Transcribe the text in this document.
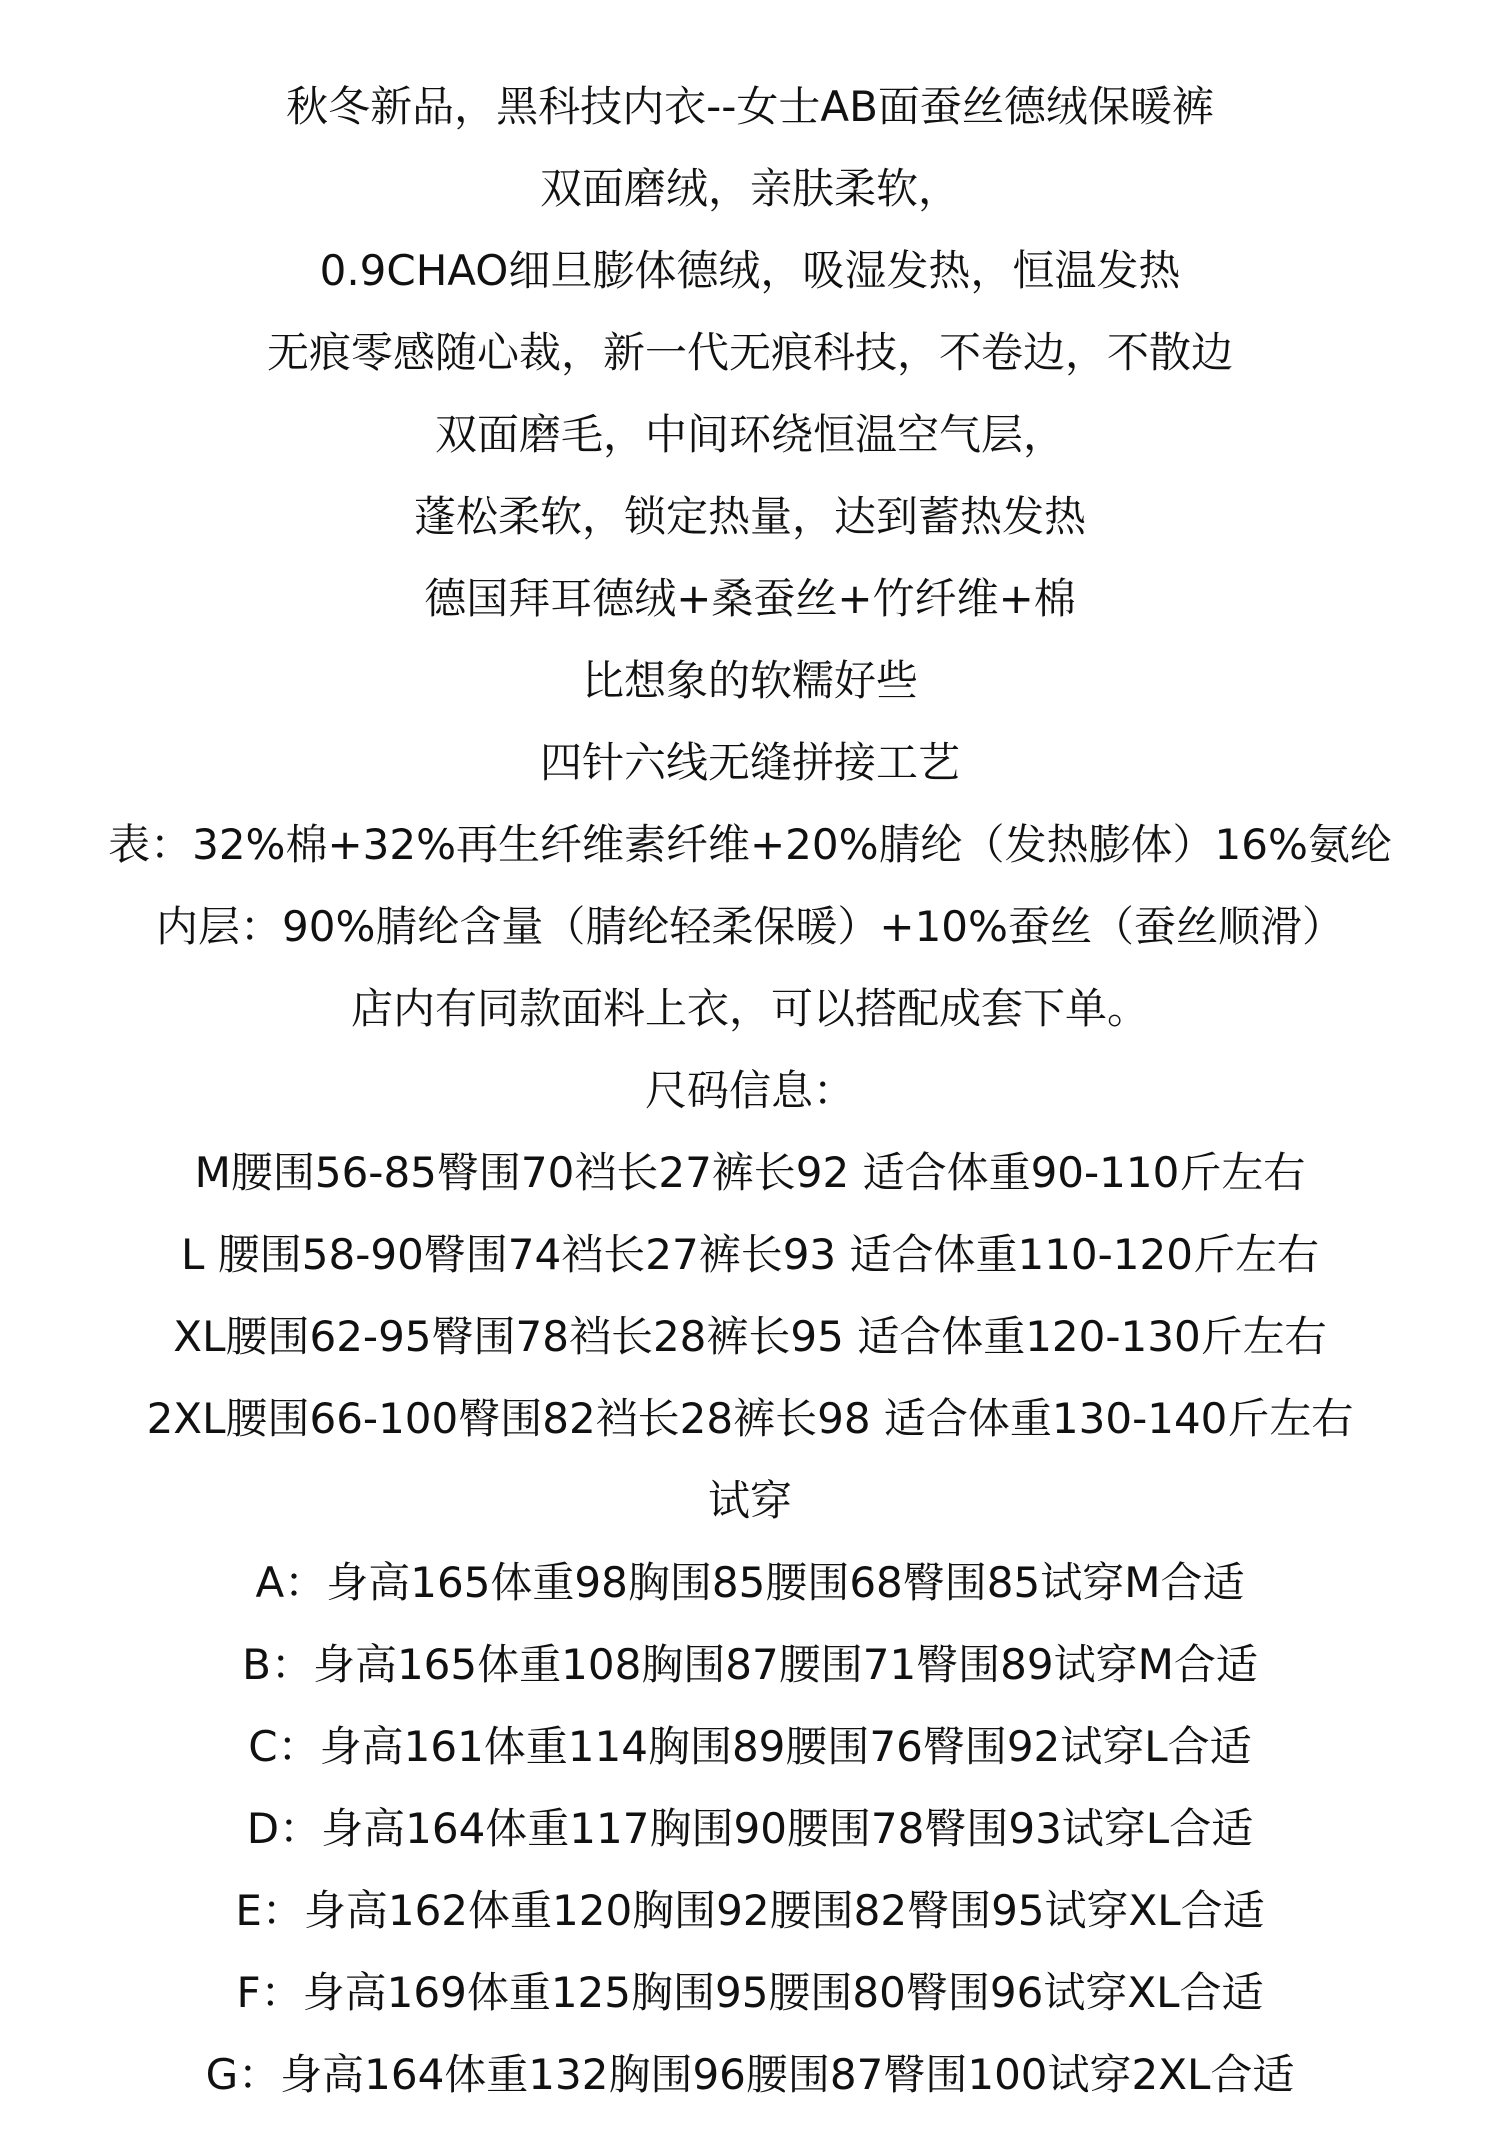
秋冬新品，黑科技内衣--女士AB面蚕丝德绒保暖裤
双面磨绒，亲肤柔软，
0.9CHAO细旦膨体德绒，吸湿发热，恒温发热
无痕零感随心裁，新一代无痕科技，不卷边，不散边
双面磨毛，中间环绕恒温空气层，
蓬松柔软，锁定热量，达到蓄热发热
德国拜耳德绒+桑蚕丝+竹纤维+棉
比想象的软糯好些
四针六线无缝拼接工艺
表：32%棉+32%再生纤维素纤维+20%腈纶（发热膨体）16%氨纶
内层：90%腈纶含量（腈纶轻柔保暖）+10%蚕丝（蚕丝顺滑）
店内有同款面料上衣，可以搭配成套下单。
尺码信息：
M腰围56-85臀围70裆长27裤长92 适合体重90-110斤左右
L 腰围58-90臀围74裆长27裤长93 适合体重110-120斤左右
XL腰围62-95臀围78裆长28裤长95 适合体重120-130斤左右
2XL腰围66-100臀围82裆长28裤长98 适合体重130-140斤左右
试穿
A：身高165体重98胸围85腰围68臀围85试穿M合适
B：身高165体重108胸围87腰围71臀围89试穿M合适
C：身高161体重114胸围89腰围76臀围92试穿L合适
D：身高164体重117胸围90腰围78臀围93试穿L合适
E：身高162体重120胸围92腰围82臀围95试穿XL合适
F：身高169体重125胸围95腰围80臀围96试穿XL合适
G：身高164体重132胸围96腰围87臀围100试穿2XL合适
